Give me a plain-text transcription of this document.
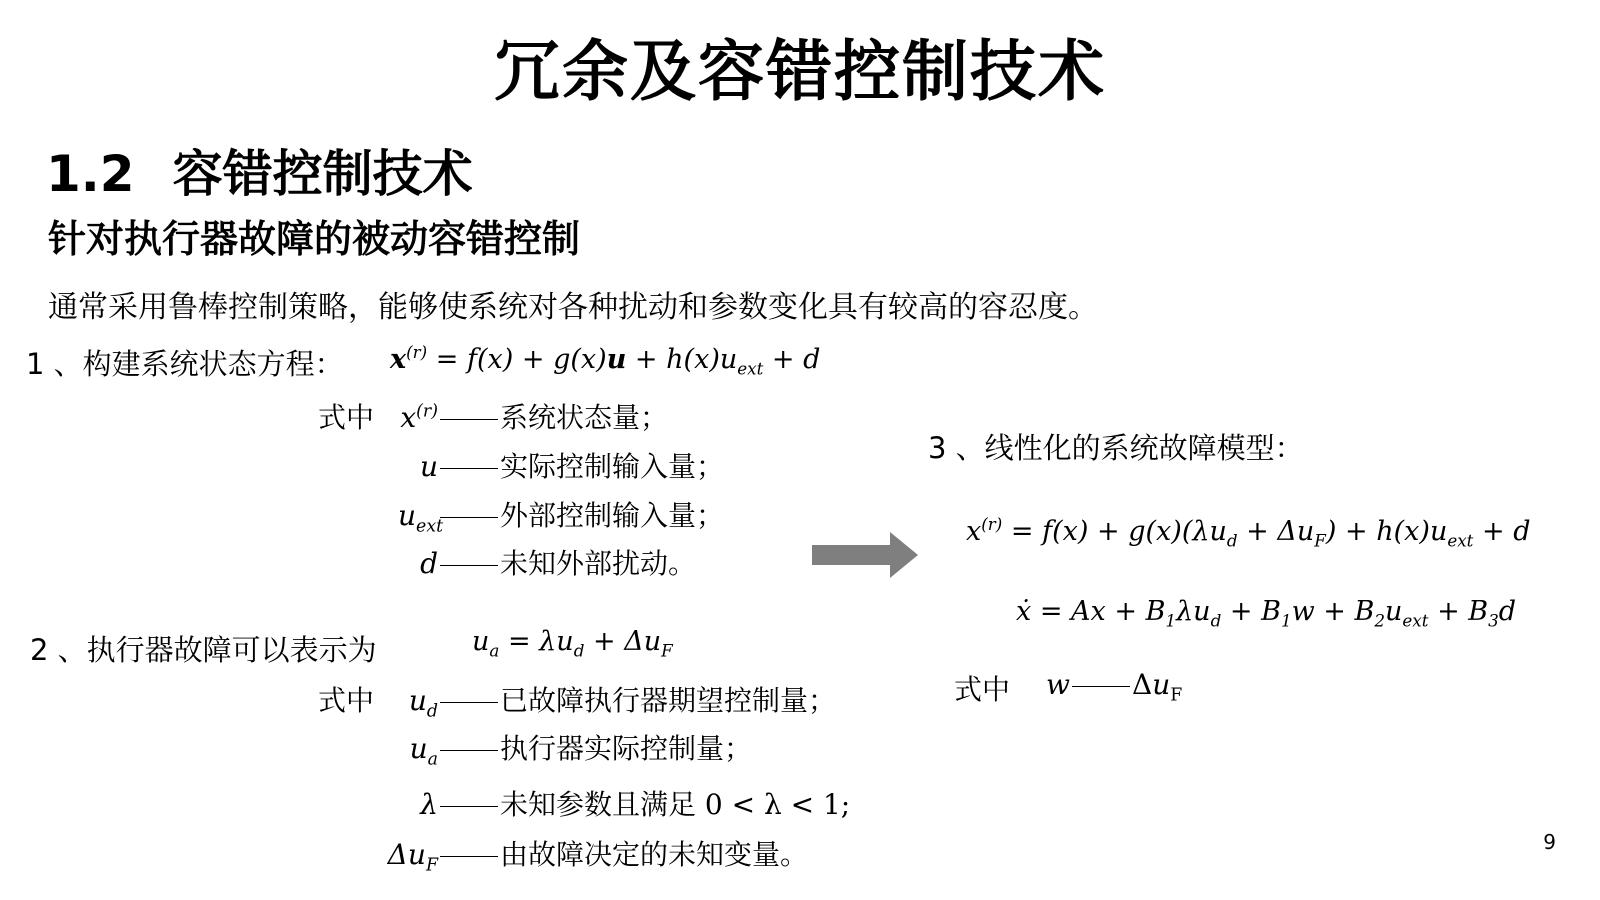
冗余及容错控制技术
1.2 容错控制技术
针对执行器故障的被动容错控制
通常采用鲁棒控制策略，能够使系统对各种扰动和参数变化具有较高的容忍度。
1 、构建系统状态方程： $x^{(r)} = f(x) + g(x)u + h(x)u_{ext} + d$
式中 $x^{(r)}$ 系统状态量；
u 实际控制输入量；
$u_{ext}$ 外部控制输入量；
d 未知外部扰动。
2 、执行器故障可以表示为	$u_a = \lambda u_d + \Delta u_F$
式中	$u_d$ 已故障执行器期望控制量；
$u_a$ 执行器实际控制量；
λ 未知参数且满足 0 < λ < 1;
$\Delta u_F$ 由故障决定的未知变量。
3 、线性化的系统故障模型：
$x^{(r)} = f(x) + g(x)(\lambda u_d + \Delta u_F) + h(x)u_{ext} + d$
ẋ = $Ax + B_1\lambda u_d + B_1w + B_2u_{ext} + B_3d$
式中 w $\Delta u_F$
9
